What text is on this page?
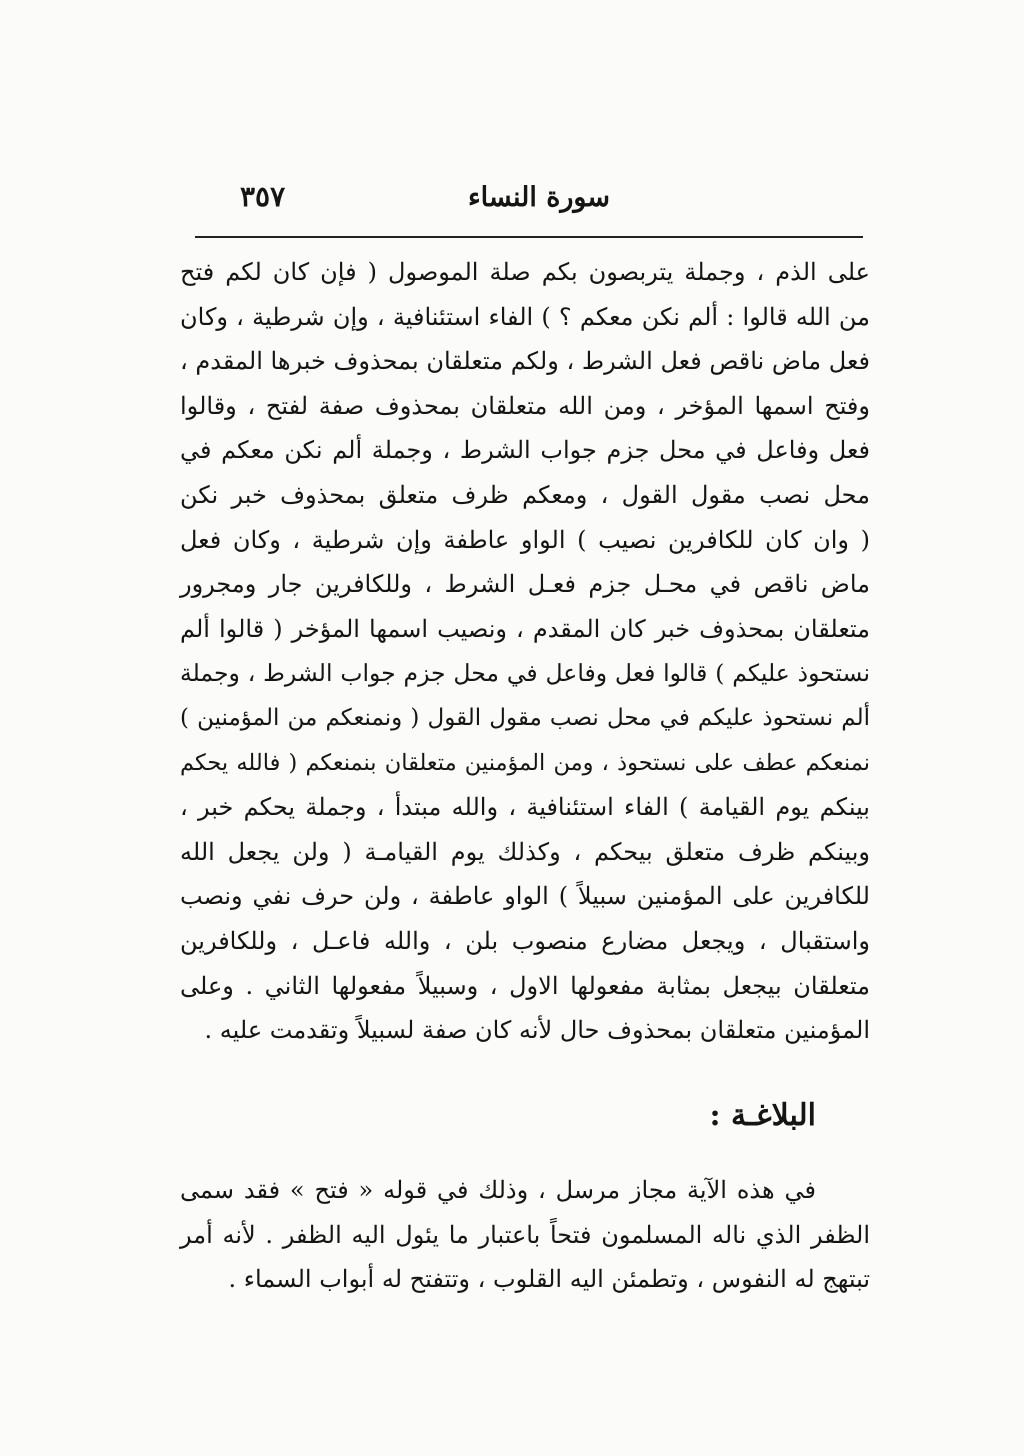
سورة النساء
٣٥٧
على الذم ، وجملة يتربصون بكم صلة الموصول ( فإن كان لكم فتح
من الله قالوا : ألم نكن معكم ؟ ) الفاء استئنافية ، وإن شرطية ، وكان
فعل ماض ناقص فعل الشرط ، ولكم متعلقان بمحذوف خبرها المقدم ،
وفتح اسمها المؤخر ، ومن الله متعلقان بمحذوف صفة لفتح ، وقالوا
فعل وفاعل في محل جزم جواب الشرط ، وجملة ألم نكن معكم في
محل نصب مقول القول ، ومعكم ظرف متعلق بمحذوف خبر نكن
( وان كان للكافرين نصيب ) الواو عاطفة وإن شرطية ، وكان فعل
ماض ناقص في محـل جزم فعـل الشرط ، وللكافرين جار ومجرور
متعلقان بمحذوف خبر كان المقدم ، ونصيب اسمها المؤخر ( قالوا ألم
نستحوذ عليكم ) قالوا فعل وفاعل في محل جزم جواب الشرط ، وجملة
ألم نستحوذ عليكم في محل نصب مقول القول ( ونمنعكم من المؤمنين )
نمنعكم عطف على نستحوذ ، ومن المؤمنين متعلقان بنمنعكم ( فالله يحكم
بينكم يوم القيامة ) الفاء استئنافية ، والله مبتدأ ، وجملة يحكم خبر ،
وبينكم ظرف متعلق بيحكم ، وكذلك يوم القيامـة ( ولن يجعل الله
للكافرين على المؤمنين سبيلاً ) الواو عاطفة ، ولن حرف نفي ونصب
واستقبال ، ويجعل مضارع منصوب بلن ، والله فاعـل ، وللكافرين
متعلقان بيجعل بمثابة مفعولها الاول ، وسبيلاً مفعولها الثاني . وعلى
المؤمنين متعلقان بمحذوف حال لأنه كان صفة لسبيلاً وتقدمت عليه .
البلاغـة :
في هذه الآية مجاز مرسل ، وذلك في قوله « فتح » فقد سمى
الظفر الذي ناله المسلمون فتحاً باعتبار ما يئول اليه الظفر . لأنه أمر
تبتهج له النفوس ، وتطمئن اليه القلوب ، وتتفتح له أبواب السماء .
